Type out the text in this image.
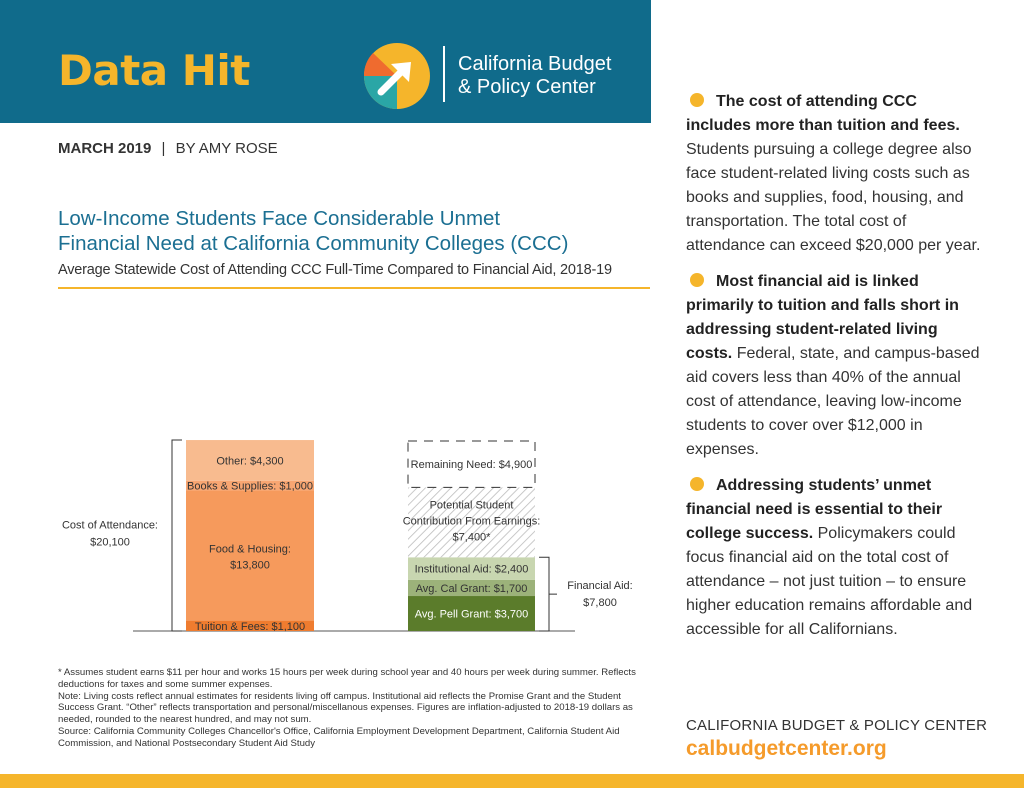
Data Hit	California Budget
& Policy Center
MARCH 2019 | BY AMY ROSE
Low-Income Students Face Considerable Unmet
Financial Need at California Community Colleges (CCC)
Average Statewide Cost of Attending CCC Full-Time Compared to Financial Aid, 2018-19
Tuition & Fees: $1,100
Food & Housing:
$13,800
Books & Supplies: $1,000
Other: $4,300
Cost of Attendance:
$20,100
Avg. Pell Grant: $3,700
Avg. Cal Grant: $1,700
Institutional Aid: $2,400
Potential Student
Contribution From Earnings:
$7,400*
Remaining Need: $4,900
Financial Aid:
$7,800

* Assumes student earns $11 per hour and works 15 hours per week during school year and 40 hours per week during summer. Reflects deductions for taxes and some summer expenses.

Note: Living costs reflect annual estimates for residents living off campus. Institutional aid reflects the Promise Grant and the Student Success Grant. “Other” reflects transportation and personal/miscellanous expenses. Figures are inflation-adjusted to 2018-19 dollars as needed, rounded to the nearest hundred, and may not sum.

Source: California Community Colleges Chancellor's Office, California Employment Development Department, California Student Aid Commission, and National Postsecondary Student Aid Study

The cost of attending CCC includes more than tuition and fees. Students pursuing a college degree also face student-related living costs such as books and supplies, food, housing, and transportation. The total cost of attendance can exceed $20,000 per year.

Most financial aid is linked primarily to tuition and falls short in addressing student-related living costs. Federal, state, and campus-based aid covers less than 40% of the annual cost of attendance, leaving low-income students to cover over $12,000 in expenses.

Addressing students’ unmet financial need is essential to their college success. Policymakers could focus financial aid on the total cost of attendance – not just tuition – to ensure higher education remains affordable and accessible for all Californians.

CALIFORNIA BUDGET & POLICY CENTER
calbudgetcenter.org
